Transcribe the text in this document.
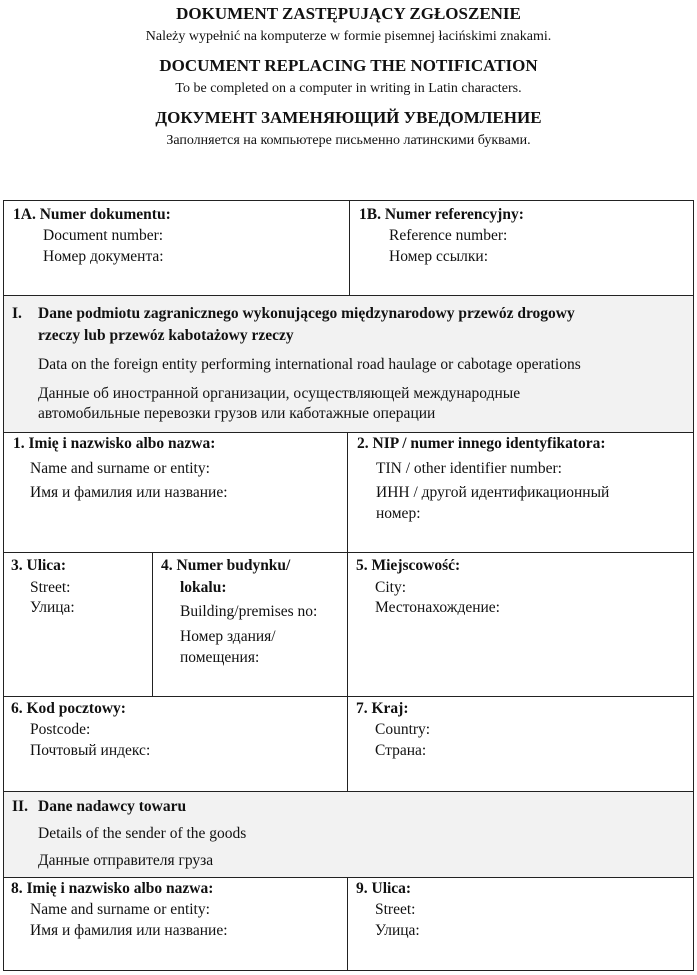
DOKUMENT ZASTĘPUJĄCY ZGŁOSZENIE
Należy wypełnić na komputerze w formie pisemnej łacińskimi znakami.
DOCUMENT REPLACING THE NOTIFICATION
To be completed on a computer in writing in Latin characters.
ДОКУМЕНТ ЗАМЕНЯЮЩИЙ УВЕДОМЛЕНИЕ
Заполняется на компьютере письменно латинскими буквами.
1A. Numer dokumentu:
Document number:
Номер документа:
1B. Numer referencyjny:
Reference number:
Номер ссылки:
I. Dane podmiotu zagranicznego wykonującego międzynarodowy przewóz drogowy
rzeczy lub przewóz kabotażowy rzeczy
Data on the foreign entity performing international road haulage or cabotage operations
Данные об иностранной организации, осуществляющей международные
автомобильные перевозки грузов или каботажные операции
1. Imię i nazwisko albo nazwa:
Name and surname or entity:
Имя и фамилия или название:
2. NIP / numer innego identyfikatora:
TIN / other identifier number:
ИНН / другой идентификационный
номер:
3. Ulica:
Street:
Улица:
4. Numer budynku/
lokalu:
Building/premises no:
Номер здания/
помещения:
5. Miejscowość:
City:
Местонахождение:
6. Kod pocztowy:
Postcode:
Почтовый индекс:
7. Kraj:
Country:
Страна:
II. Dane nadawcy towaru
Details of the sender of the goods
Данные отправителя груза
8. Imię i nazwisko albo nazwa:
Name and surname or entity:
Имя и фамилия или название:
9. Ulica:
Street:
Улица:
